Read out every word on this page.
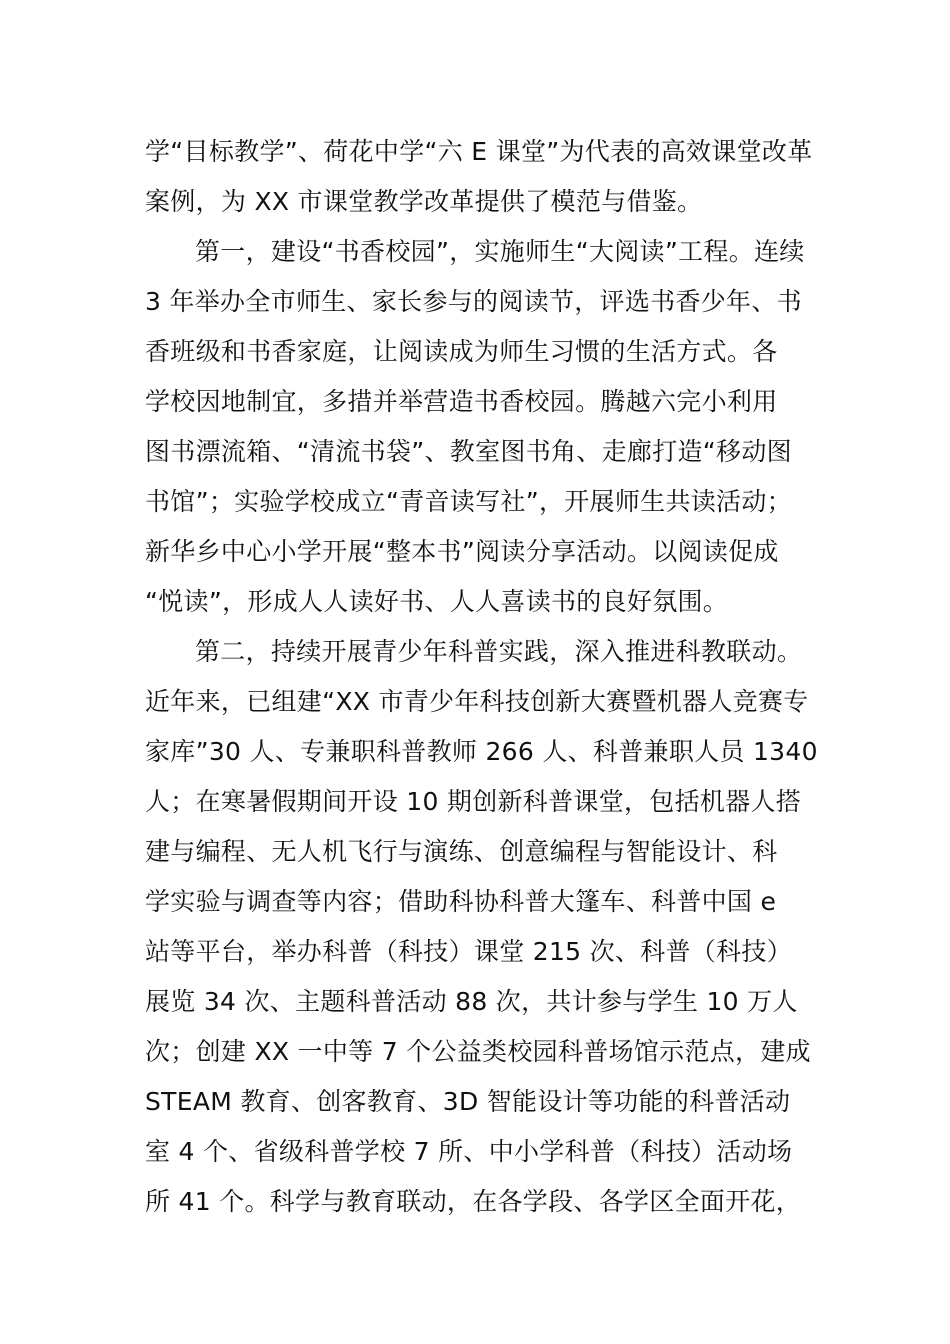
学“目标教学”、荷花中学“六 E 课堂”为代表的高效课堂改革
案例，为 XX 市课堂教学改革提供了模范与借鉴。
第一，建设“书香校园”，实施师生“大阅读”工程。连续
3 年举办全市师生、家长参与的阅读节，评选书香少年、书
香班级和书香家庭，让阅读成为师生习惯的生活方式。各
学校因地制宜，多措并举营造书香校园。腾越六完小利用
图书漂流箱、“清流书袋”、教室图书角、走廊打造“移动图
书馆”；实验学校成立“青音读写社”，开展师生共读活动；
新华乡中心小学开展“整本书”阅读分享活动。以阅读促成
“悦读”，形成人人读好书、人人喜读书的良好氛围。
第二，持续开展青少年科普实践，深入推进科教联动。
近年来，已组建“XX 市青少年科技创新大赛暨机器人竞赛专
家库”30 人、专兼职科普教师 266 人、科普兼职人员 1340
人；在寒暑假期间开设 10 期创新科普课堂，包括机器人搭
建与编程、无人机飞行与演练、创意编程与智能设计、科
学实验与调查等内容；借助科协科普大篷车、科普中国 e
站等平台，举办科普（科技）课堂 215 次、科普（科技）
展览 34 次、主题科普活动 88 次，共计参与学生 10 万人
次；创建 XX 一中等 7 个公益类校园科普场馆示范点，建成
STEAM 教育、创客教育、3D 智能设计等功能的科普活动
室 4 个、省级科普学校 7 所、中小学科普（科技）活动场
所 41 个。科学与教育联动，在各学段、各学区全面开花，
